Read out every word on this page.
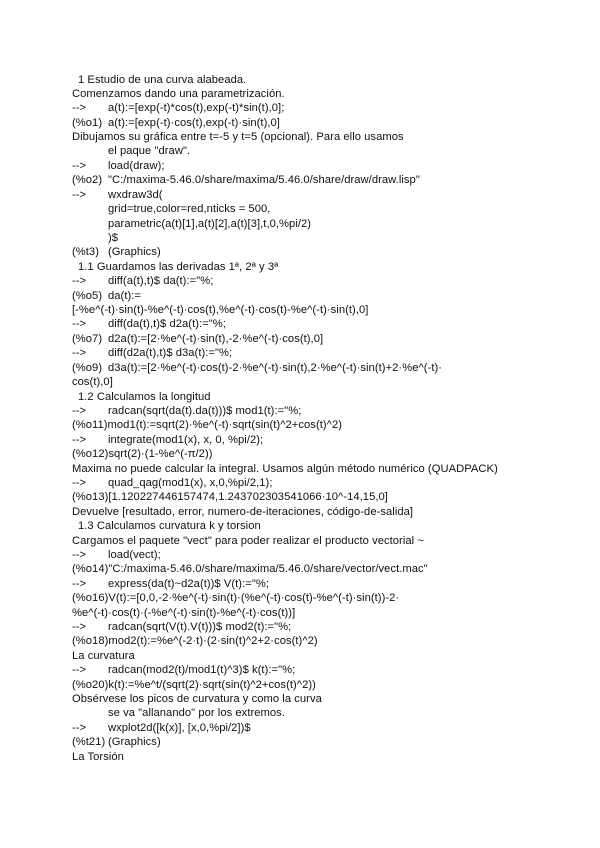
1 Estudio de una curva alabeada.
Comenzamos dando una parametrización.
--> a(t):=[exp(-t)*cos(t),exp(-t)*sin(t),0];
(%o1) a(t):=[exp(-t)·cos(t),exp(-t)·sin(t),0]
Dibujamos su gráfica entre t=-5 y t=5 (opcional). Para ello usamos
el paque "draw".
--> load(draw);
(%o2) "C:/maxima-5.46.0/share/maxima/5.46.0/share/draw/draw.lisp"
--> wxdraw3d(
grid=true,color=red,nticks = 500,
parametric(a(t)[1],a(t)[2],a(t)[3],t,0,%pi/2)
)$
(%t3) (Graphics)
1.1 Guardamos las derivadas 1ª, 2ª y 3ª
--> diff(a(t),t)$ da(t):="%;
(%o5) da(t):=
[-%e^(-t)·sin(t)-%e^(-t)·cos(t),%e^(-t)·cos(t)-%e^(-t)·sin(t),0]
--> diff(da(t),t)$ d2a(t):="%;
(%o7) d2a(t):=[2·%e^(-t)·sin(t),-2·%e^(-t)·cos(t),0]
--> diff(d2a(t),t)$ d3a(t):="%;
(%o9) d3a(t):=[2·%e^(-t)·cos(t)-2·%e^(-t)·sin(t),2·%e^(-t)·sin(t)+2·%e^(-t)·
cos(t),0]
1.2 Calculamos la longitud
--> radcan(sqrt(da(t).da(t)))$ mod1(t):="%;
(%o11)mod1(t):=sqrt(2)·%e^(-t)·sqrt(sin(t)^2+cos(t)^2)
--> integrate(mod1(x), x, 0, %pi/2);
(%o12)sqrt(2)·(1-%e^(-π/2))
Maxima no puede calcular la integral. Usamos algún método numérico (QUADPACK)
--> quad_qag(mod1(x), x,0,%pi/2,1);
(%o13)[1.120227446157474,1.243702303541066·10^-14,15,0]
Devuelve [resultado, error, numero-de-iteraciones, código-de-salida]
1.3 Calculamos curvatura k y torsion
Cargamos el paquete "vect" para poder realizar el producto vectorial ~
--> load(vect);
(%o14)"C:/maxima-5.46.0/share/maxima/5.46.0/share/vector/vect.mac"
--> express(da(t)~d2a(t))$ V(t):="%;
(%o16)V(t):=[0,0,-2·%e^(-t)·sin(t)·(%e^(-t)·cos(t)-%e^(-t)·sin(t))-2·
%e^(-t)·cos(t)·(-%e^(-t)·sin(t)-%e^(-t)·cos(t))]
--> radcan(sqrt(V(t).V(t)))$ mod2(t):="%;
(%o18)mod2(t):=%e^(-2·t)·(2·sin(t)^2+2·cos(t)^2)
La curvatura
--> radcan(mod2(t)/mod1(t)^3)$ k(t):="%;
(%o20)k(t):=%e^t/(sqrt(2)·sqrt(sin(t)^2+cos(t)^2))
Obsérvese los picos de curvatura y como la curva
se va "allanando" por los extremos.
--> wxplot2d([k(x)], [x,0,%pi/2])$
(%t21) (Graphics)
La Torsión
